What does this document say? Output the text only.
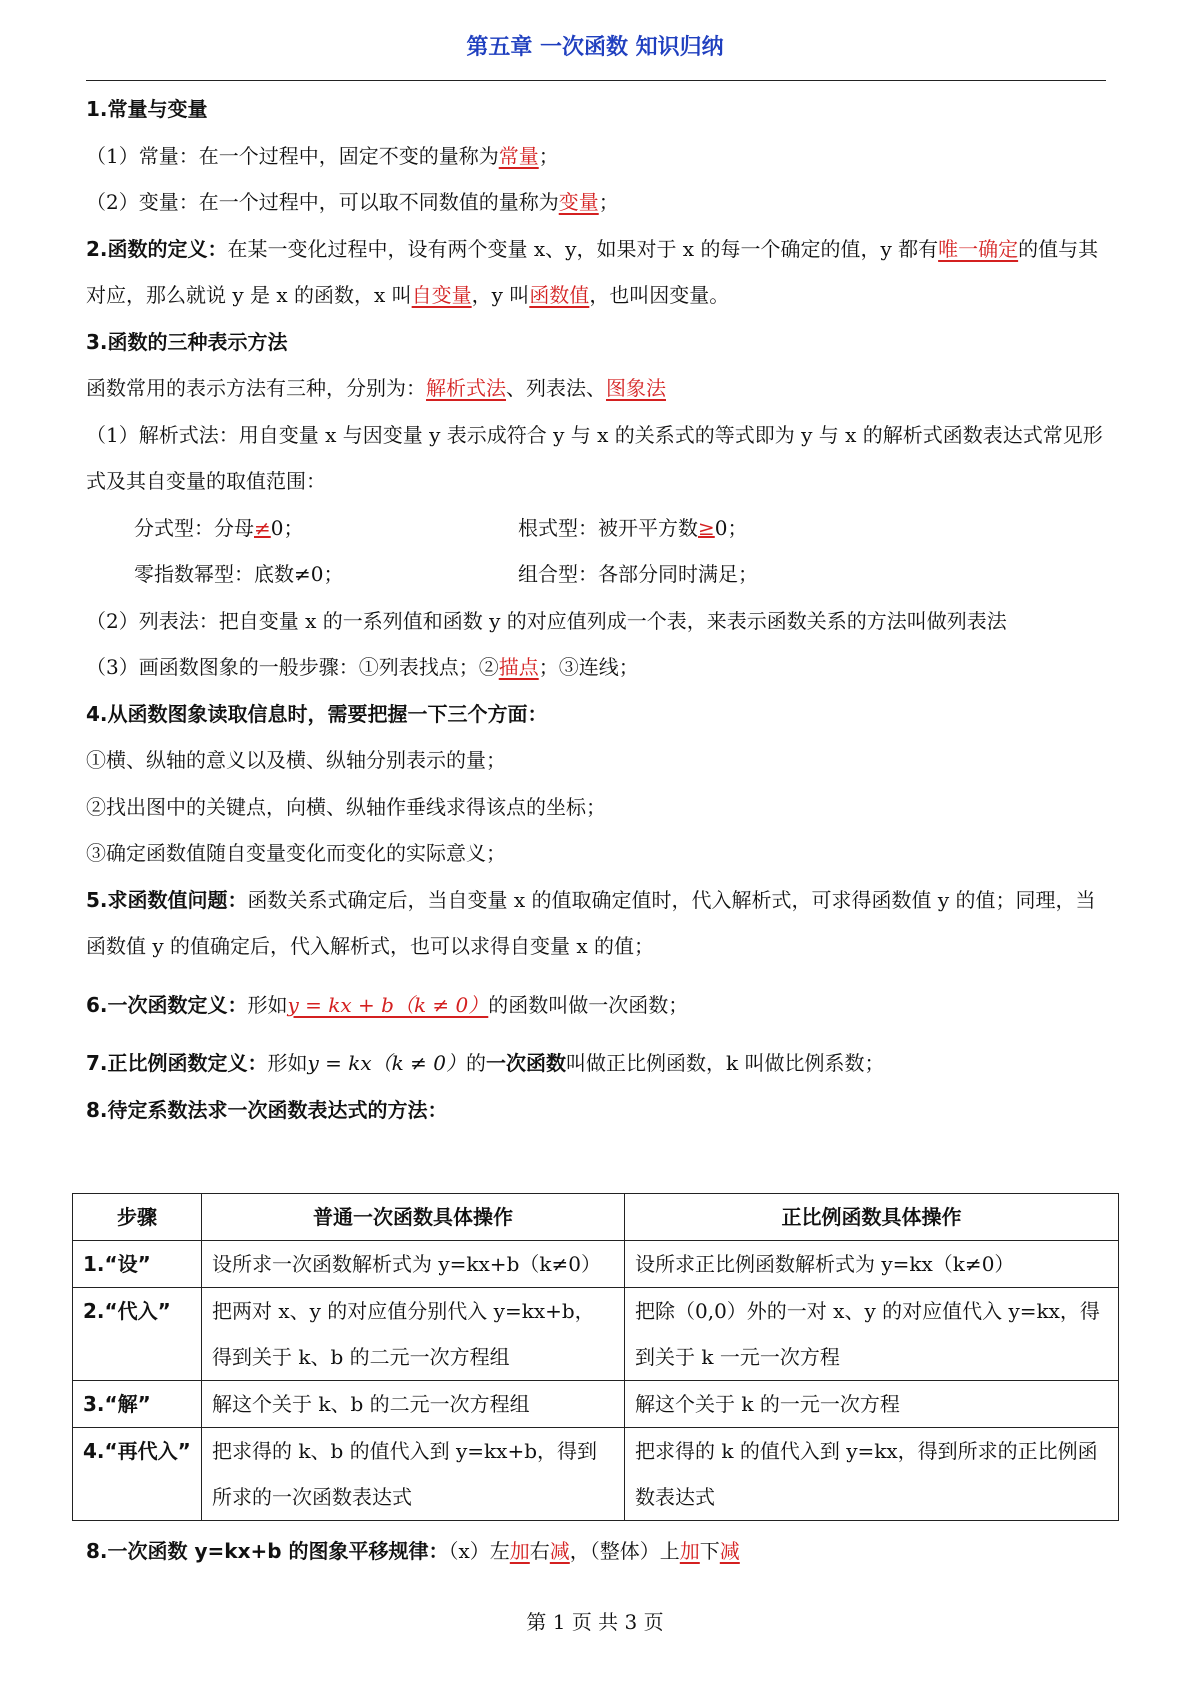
第五章 一次函数 知识归纳

1.常量与变量

（1）常量：在一个过程中，固定不变的量称为常量；

（2）变量：在一个过程中，可以取不同数值的量称为变量；

2.函数的定义：在某一变化过程中，设有两个变量 x、y，如果对于 x 的每一个确定的值，y 都有唯一确定的值与其对应，那么就说 y 是 x 的函数，x 叫自变量，y 叫函数值，也叫因变量。

3.函数的三种表示方法

函数常用的表示方法有三种，分别为：解析式法、列表法、图象法

（1）解析式法：用自变量 x 与因变量 y 表示成符合 y 与 x 的关系式的等式即为 y 与 x 的解析式函数表达式常见形式及其自变量的取值范围：

分式型：分母≠0；	根式型：被开平方数≥0；

零指数幂型：底数≠0；	组合型：各部分同时满足；

（2）列表法：把自变量 x 的一系列值和函数 y 的对应值列成一个表，来表示函数关系的方法叫做列表法

（3）画函数图象的一般步骤：①列表找点；②描点；③连线；

4.从函数图象读取信息时，需要把握一下三个方面：

①横、纵轴的意义以及横、纵轴分别表示的量；

②找出图中的关键点，向横、纵轴作垂线求得该点的坐标；

③确定函数值随自变量变化而变化的实际意义；

5.求函数值问题：函数关系式确定后，当自变量 x 的值取确定值时，代入解析式，可求得函数值 y 的值；同理，当函数值 y 的值确定后，代入解析式，也可以求得自变量 x 的值；

6.一次函数定义：形如y = kx + b（k ≠ 0）的函数叫做一次函数；

7.正比例函数定义：形如y = kx（k ≠ 0）的一次函数叫做正比例函数，k 叫做比例系数；

8.待定系数法求一次函数表达式的方法：

步骤	普通一次函数具体操作	正比例函数具体操作
1.“设”	设所求一次函数解析式为 y=kx+b（k≠0）	设所求正比例函数解析式为 y=kx（k≠0）
2.“代入”	把两对 x、y 的对应值分别代入 y=kx+b，得到关于 k、b 的二元一次方程组	把除（0,0）外的一对 x、y 的对应值代入 y=kx，得到关于 k 一元一次方程
3.“解”	解这个关于 k、b 的二元一次方程组	解这个关于 k 的一元一次方程
4.“再代入”	把求得的 k、b 的值代入到 y=kx+b，得到所求的一次函数表达式	把求得的 k 的值代入到 y=kx，得到所求的正比例函数表达式
8.一次函数 y=kx+b 的图象平移规律：（x）左加右减，（整体）上加下减
第 1 页 共 3 页
